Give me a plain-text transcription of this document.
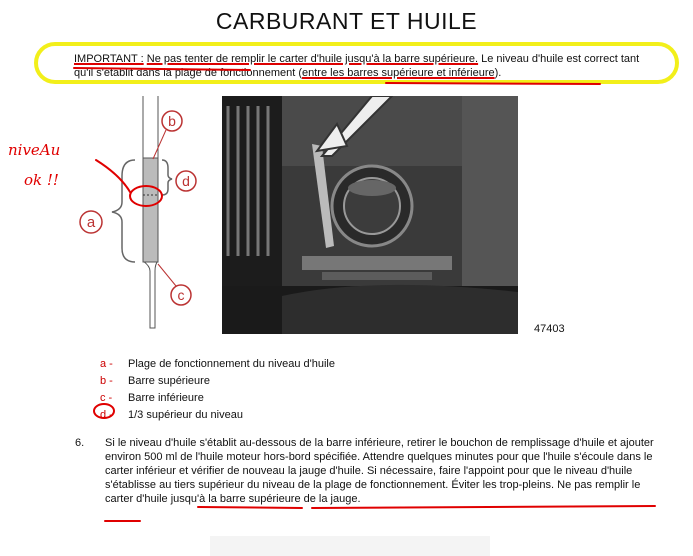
CARBURANT ET HUILE
IMPORTANT : Ne pas tenter de remplir le carter d'huile jusqu'à la barre supérieure. Le niveau d'huile est correct tant qu'il s'établit dans la plage de fonctionnement (entre les barres supérieure et inférieure).
b
d
a
c
47403
a -	Plage de fonctionnement du niveau d'huile
b -	Barre supérieure
c -	Barre inférieure
d -	1/3 supérieur du niveau
6. Si le niveau d'huile s'établit au-dessous de la barre inférieure, retirer le bouchon de remplissage d'huile et ajouter environ 500 ml de l'huile moteur hors-bord spécifiée. Attendre quelques minutes pour que l'huile s'écoule dans le carter inférieur et vérifier de nouveau la jauge d'huile. Si nécessaire, faire l'appoint pour que le niveau d'huile s'établisse au tiers supérieur du niveau de la plage de fonctionnement. Éviter les trop-pleins. Ne pas remplir le carter d'huile jusqu'à la barre supérieure de la jauge.
niveAu
ok !!
